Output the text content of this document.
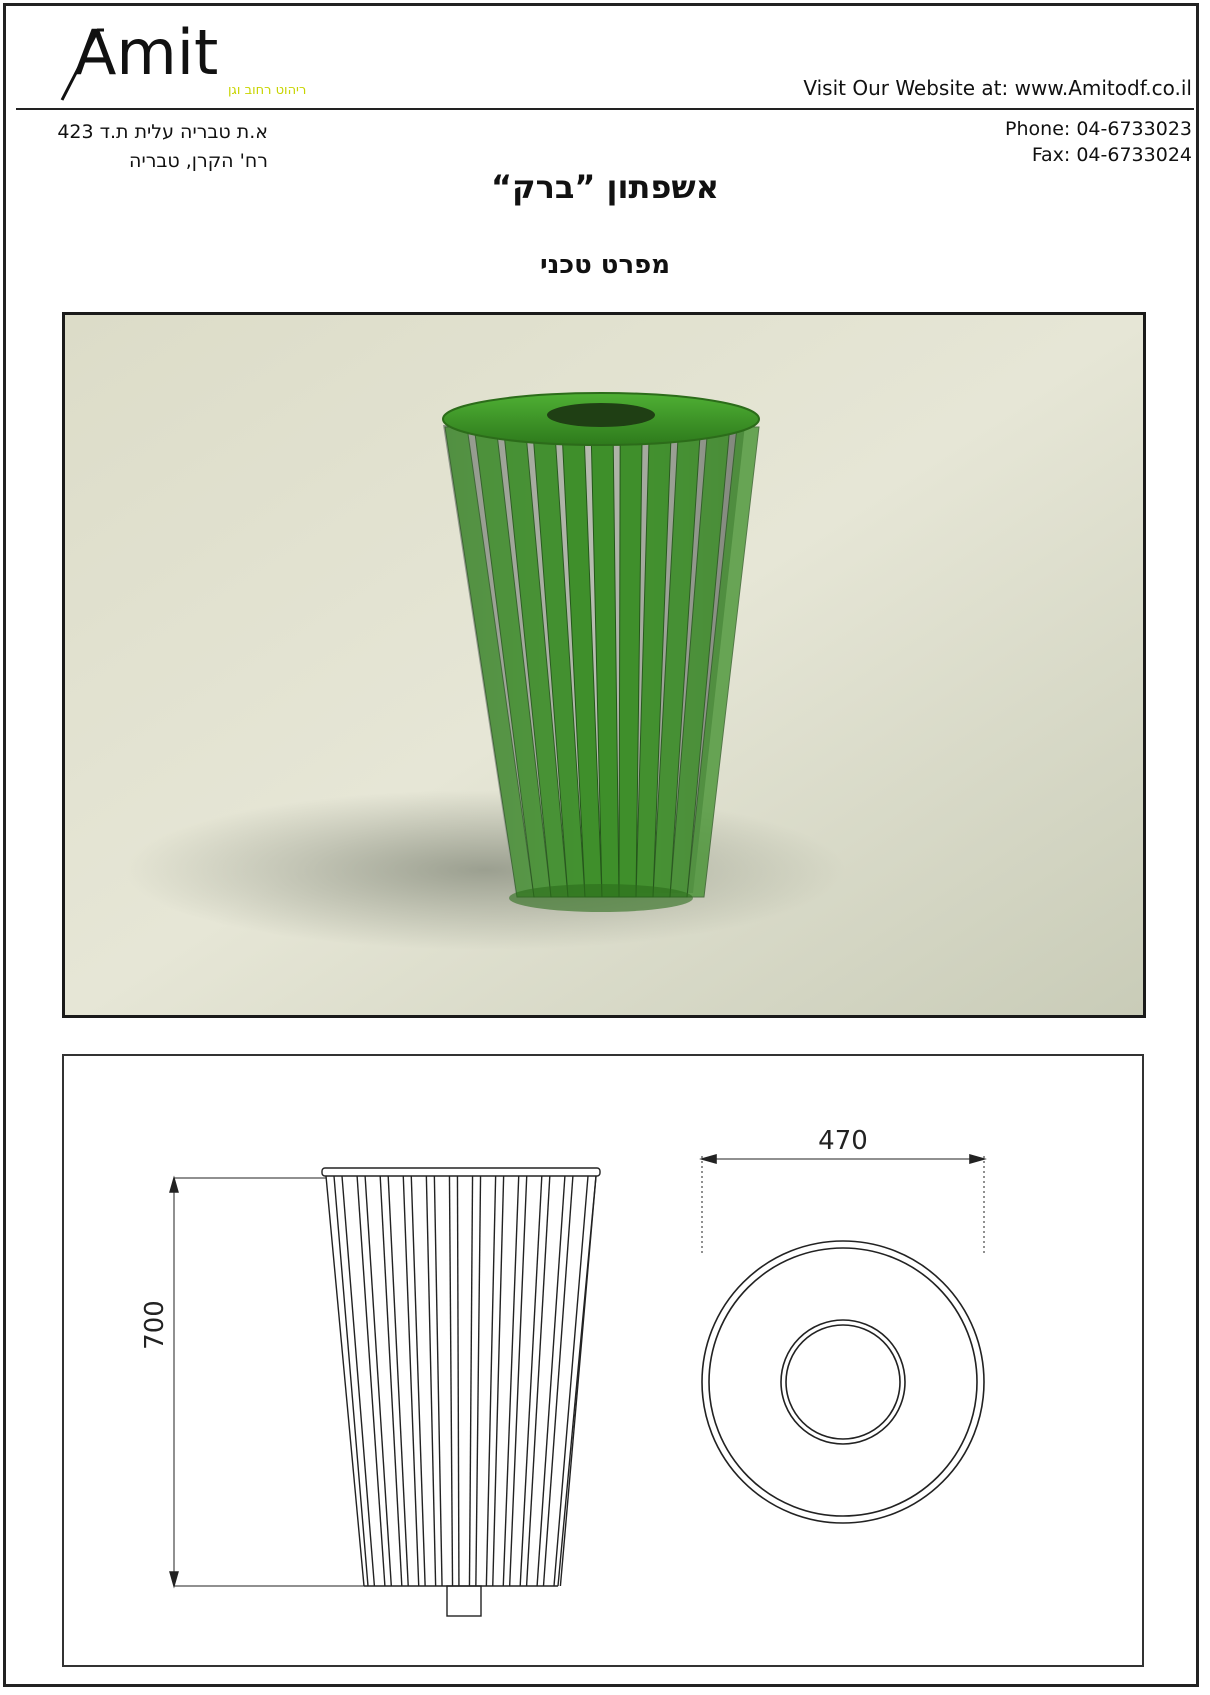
Amit
ריהוט רחוב וגן	Visit Our Website at: www.Amitodf.co.il
א.ת טבריה עלית ת.ד 423
רח' הקרן, טבריה
Phone: 04-6733023
Fax: 04-6733024
אשפתון ”ברק“
מפרט טכני
700
470
